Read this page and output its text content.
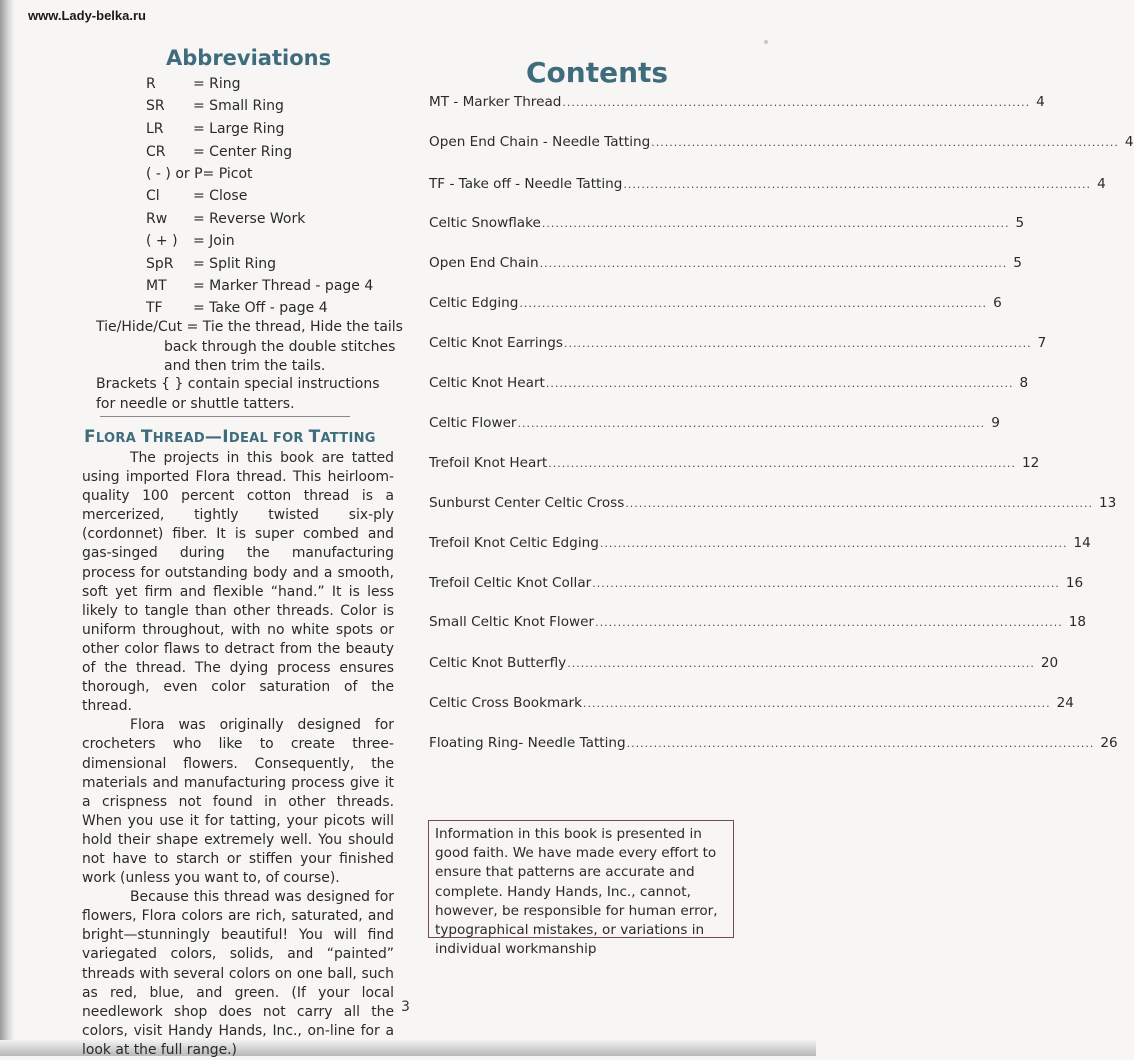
www.Lady-belka.ru
Abbreviations
R	= Ring
SR = Small Ring
LR = Large Ring
CR = Center Ring
( - ) or P= Picot
Cl = Close
Rw = Reverse Work
( + ) = Join
SpR = Split Ring
MT = Marker Thread - page 4
TF = Take Off - page 4
Tie/Hide/Cut = Tie the thread, Hide the tails
back through the double stitches
and then trim the tails.
Brackets { } contain special instructions for needle or shuttle tatters.
FLORA THREAD—IDEAL FOR TATTING

The projects in this book are tatted using imported Flora thread. This heirloom-quality 100 percent cotton thread is a mercerized, tightly twisted six-ply (cordonnet) fiber. It is super combed and gas-singed during the manufacturing process for outstanding body and a smooth, soft yet firm and flexible “hand.” It is less likely to tangle than other threads. Color is uniform throughout, with no white spots or other color flaws to detract from the beauty of the thread. The dying process ensures thorough, even color saturation of the thread.

Flora was originally designed for crocheters who like to create three-dimensional flowers. Consequently, the materials and manufacturing process give it a crispness not found in other threads. When you use it for tatting, your picots will hold their shape extremely well. You should not have to starch or stiffen your finished work (unless you want to, of course).

Because this thread was designed for flowers, Flora colors are rich, saturated, and bright—stunningly beautiful! You will find variegated colors, solids, and “painted” threads with several colors on one ball, such as red, blue, and green. (If your local needlework shop does not carry all the colors, visit Handy Hands, Inc., on-line for a look at the full range.)

3
Contents
MT - Marker Thread ........................................................................................................ 4
Open End Chain - Needle Tatting ........................................................................................................ 4
TF - Take off - Needle Tatting ........................................................................................................ 4
Celtic Snowflake ........................................................................................................ 5
Open End Chain ........................................................................................................ 5
Celtic Edging ........................................................................................................ 6
Celtic Knot Earrings ........................................................................................................ 7
Celtic Knot Heart ........................................................................................................ 8
Celtic Flower ........................................................................................................ 9
Trefoil Knot Heart ........................................................................................................ 12
Sunburst Center Celtic Cross ........................................................................................................ 13
Trefoil Knot Celtic Edging ........................................................................................................ 14
Trefoil Celtic Knot Collar ........................................................................................................ 16
Small Celtic Knot Flower ........................................................................................................ 18
Celtic Knot Butterfly ........................................................................................................ 20
Celtic Cross Bookmark ........................................................................................................ 24
Floating Ring- Needle Tatting ........................................................................................................ 26
Information in this book is presented in good faith. We have made every effort to ensure that patterns are accurate and complete. Handy Hands, Inc., cannot, however, be responsible for human error, typographical mistakes, or variations in individual workmanship
